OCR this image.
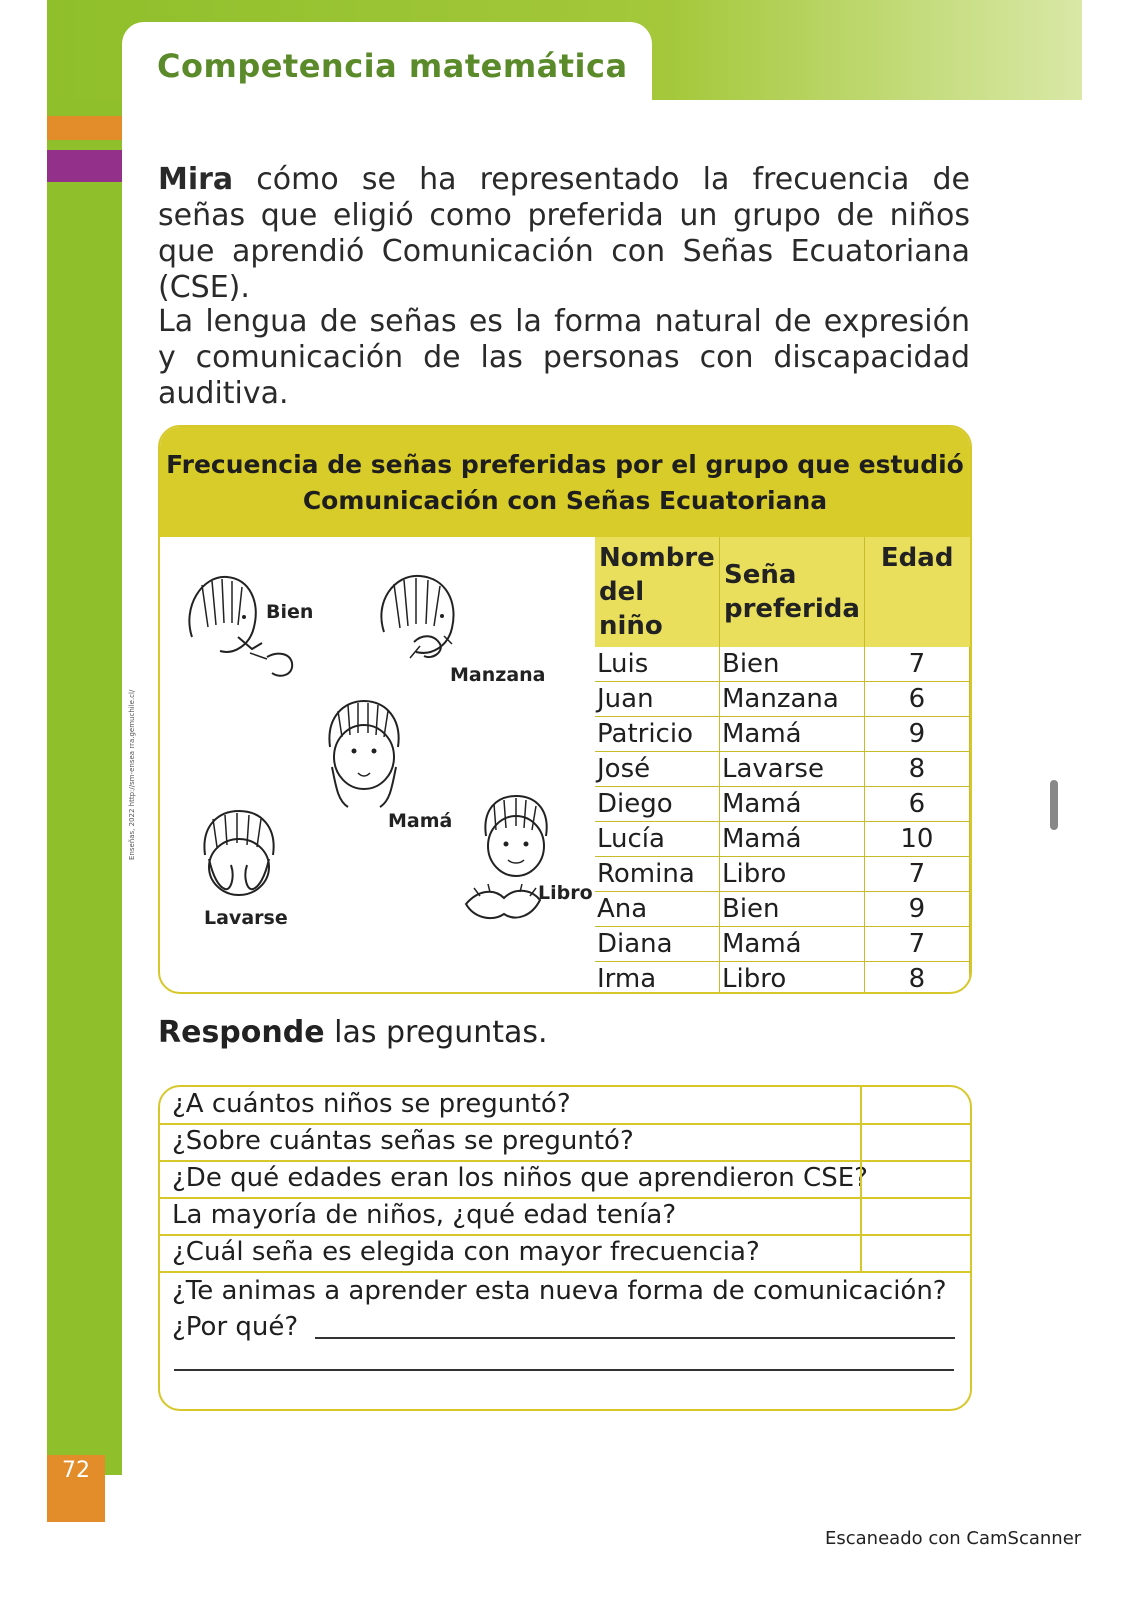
Competencia matemática
Enseñas, 2022 http://sm-ensea rra.gemuchile.cl/
Mira cómo se ha representado la frecuencia de señas que eligió como preferida un grupo de niños que aprendió Comunicación con Señas Ecuatoriana (CSE).
La lengua de señas es la forma natural de expresión y comunicación de las personas con discapacidad auditiva.
Frecuencia de señas preferidas por el grupo que estudió
Comunicación con Señas Ecuatoriana
Bien
Manzana
Mamá
Lavarse
Libro
Nombre del niño	Seña preferida	Edad
Luis	Bien	7
Juan	Manzana	6
Patricio	Mamá	9
José	Lavarse	8
Diego	Mamá	6
Lucía	Mamá	10
Romina	Libro	7
Ana	Bien	9
Diana	Mamá	7
Irma	Libro	8
Responde las preguntas.
¿A cuántos niños se preguntó?
¿Sobre cuántas señas se preguntó?
¿De qué edades eran los niños que aprendieron CSE?
La mayoría de niños, ¿qué edad tenía?
¿Cuál seña es elegida con mayor frecuencia?
¿Te animas a aprender esta nueva forma de comunicación?
¿Por qué?
72
Escaneado con CamScanner
